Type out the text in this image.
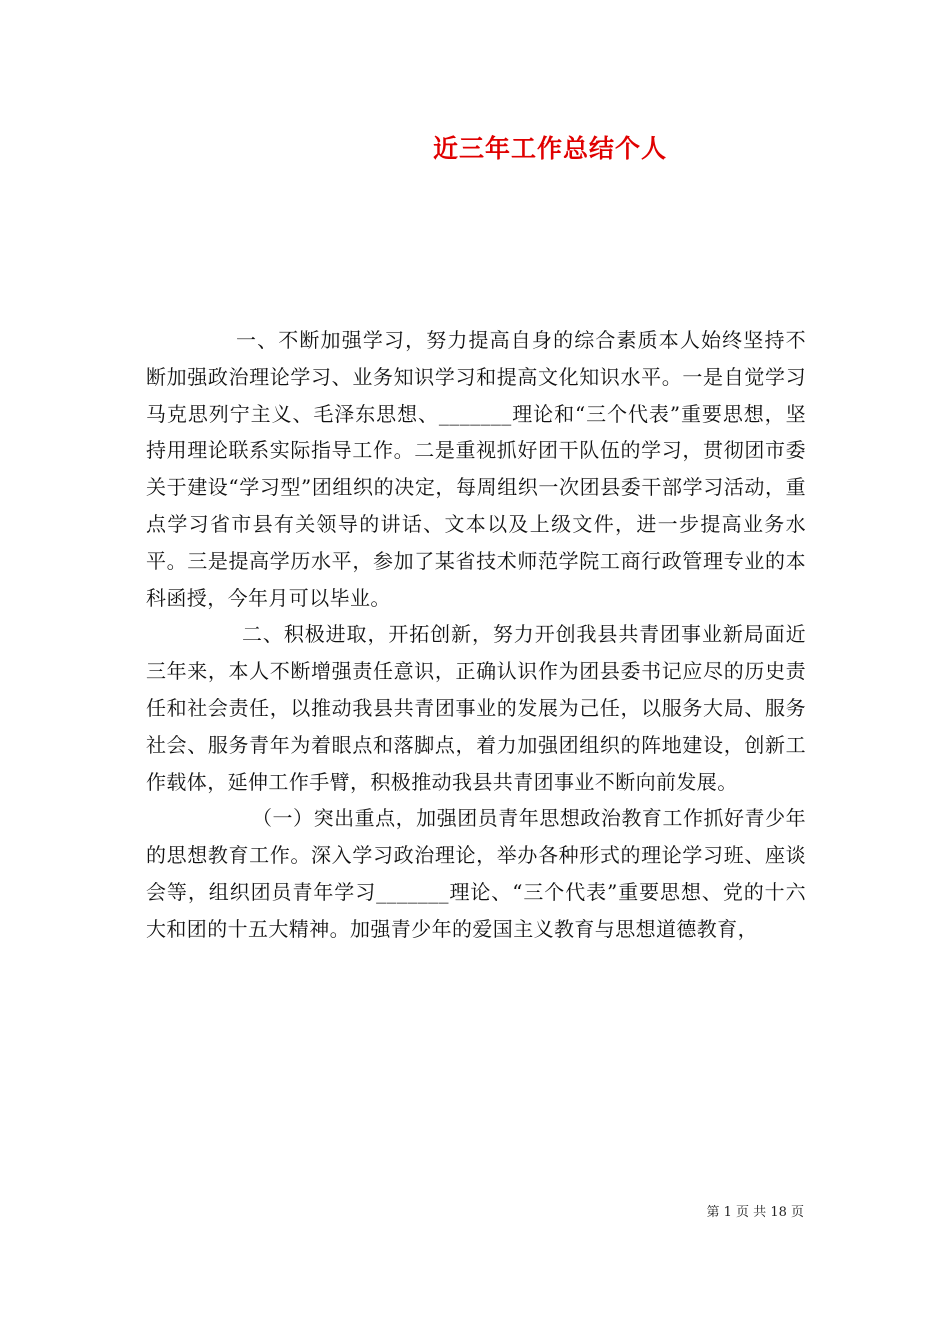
近三年工作总结个人

一、不断加强学习，努力提高自身的综合素质本人始终坚持不断加强政治理论学习、业务知识学习和提高文化知识水平。一是自觉学习马克思列宁主义、毛泽东思想、_______理论和“三个代表”重要思想，坚持用理论联系实际指导工作。二是重视抓好团干队伍的学习，贯彻团市委关于建设“学习型”团组织的决定，每周组织一次团县委干部学习活动，重点学习省市县有关领导的讲话、文本以及上级文件，进一步提高业务水平。三是提高学历水平，参加了某省技术师范学院工商行政管理专业的本科函授，今年月可以毕业。

二、积极进取，开拓创新，努力开创我县共青团事业新局面近三年来，本人不断增强责任意识，正确认识作为团县委书记应尽的历史责任和社会责任，以推动我县共青团事业的发展为己任，以服务大局、服务社会、服务青年为着眼点和落脚点，着力加强团组织的阵地建设，创新工作载体，延伸工作手臂，积极推动我县共青团事业不断向前发展。

（一）突出重点，加强团员青年思想政治教育工作抓好青少年的思想教育工作。深入学习政治理论，举办各种形式的理论学习班、座谈会等，组织团员青年学习_______理论、“三个代表”重要思想、党的十六大和团的十五大精神。加强青少年的爱国主义教育与思想道德教育，

第 1 页 共 18 页
